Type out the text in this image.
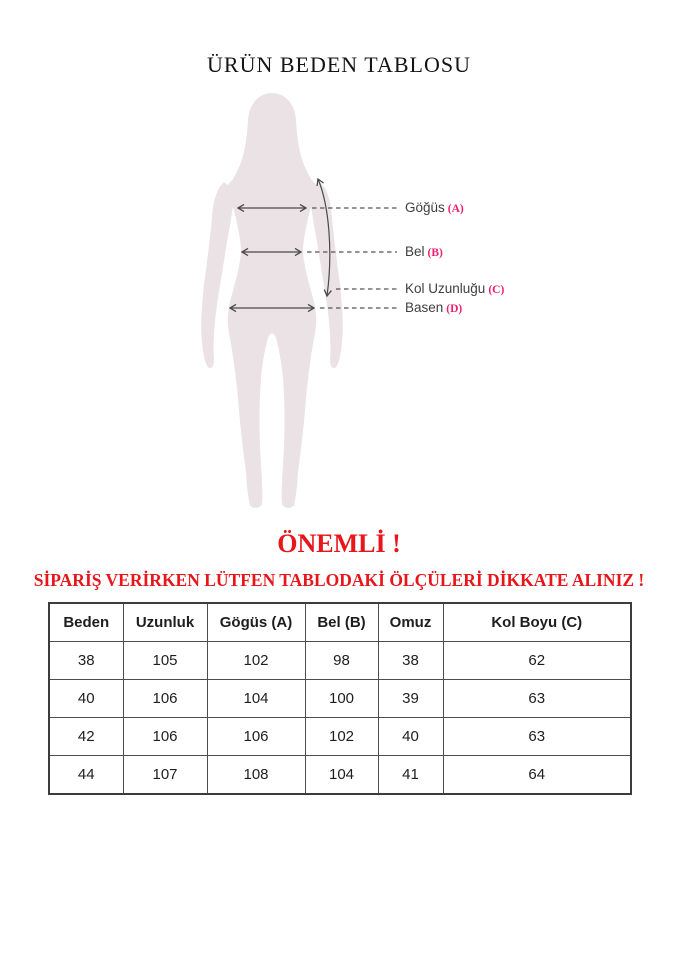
ÜRÜN BEDEN TABLOSU
Göğüs (A)
Bel (B)
Kol Uzunluğu (C)
Basen (D)
ÖNEMLİ !
SİPARİŞ VERİRKEN LÜTFEN TABLODAKİ ÖLÇÜLERİ DİKKATE ALINIZ !
Beden	Uzunluk	Gögüs (A)	Bel (B)	Omuz	Kol Boyu (C)
38	105	102	98	38	62
40	106	104	100	39	63
42	106	106	102	40	63
44	107	108	104	41	64
